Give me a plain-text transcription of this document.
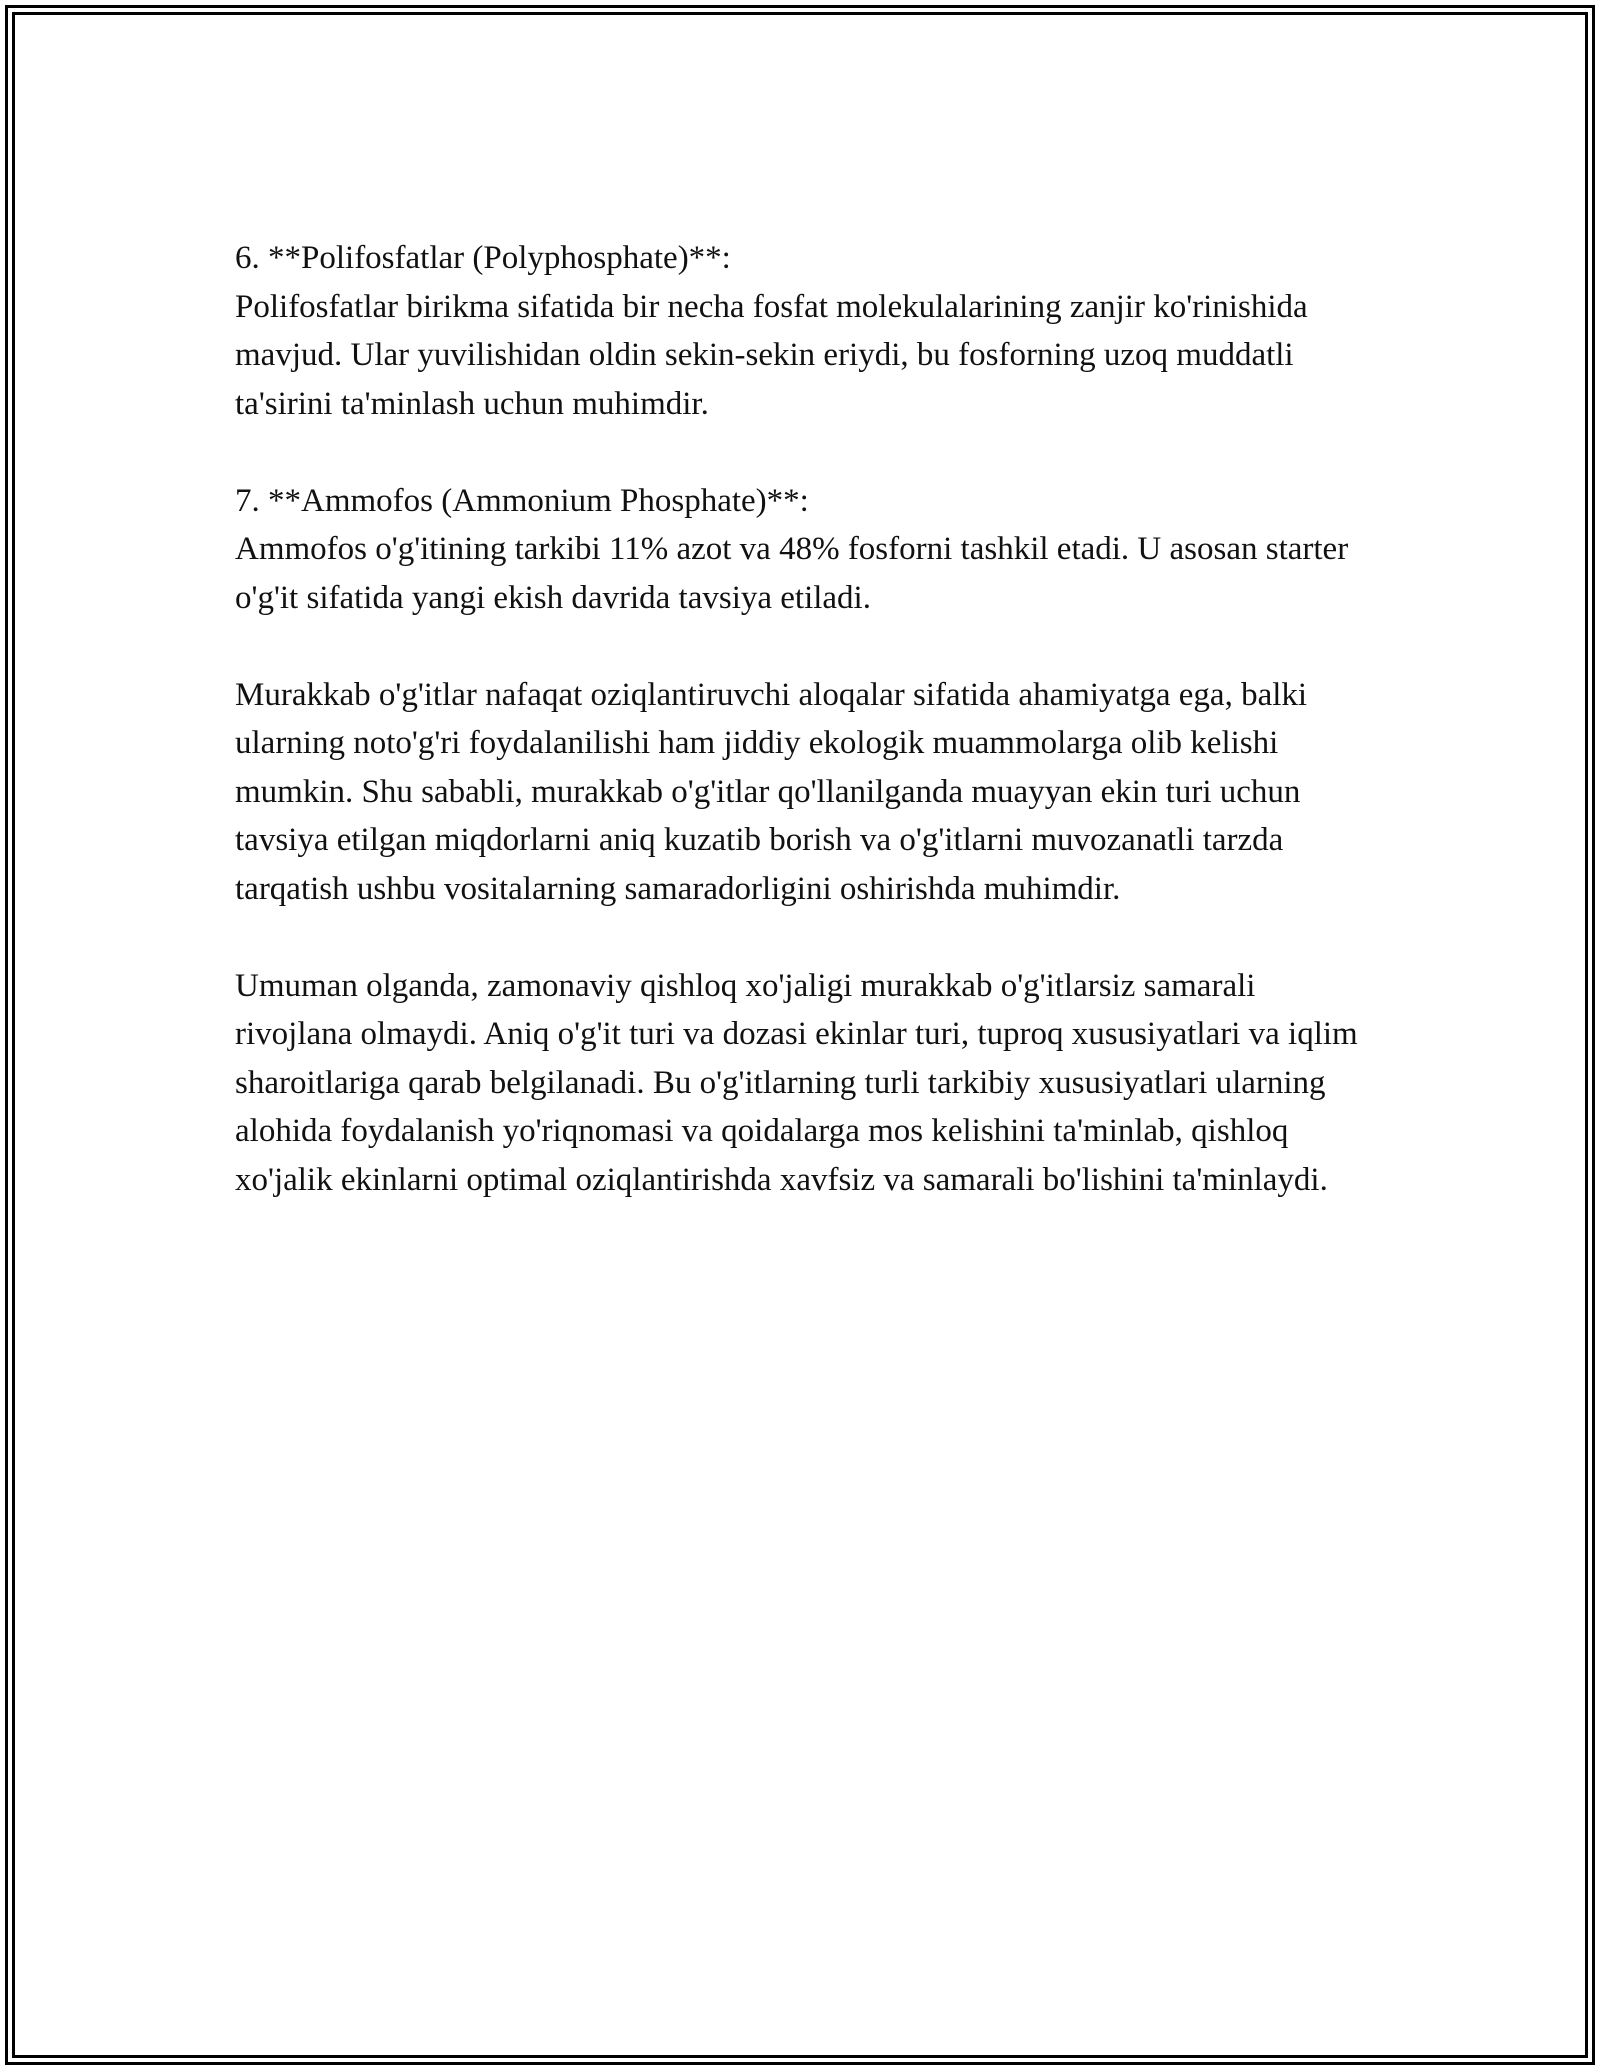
6. **Polifosfatlar (Polyphosphate)**:

Polifosfatlar birikma sifatida bir necha fosfat molekulalarining zanjir ko'rinishida mavjud. Ular yuvilishidan oldin sekin-sekin eriydi, bu fosforning uzoq muddatli ta'sirini ta'minlash uchun muhimdir.

7. **Ammofos (Ammonium Phosphate)**:

Ammofos o'g'itining tarkibi 11% azot va 48% fosforni tashkil etadi. U asosan starter o'g'it sifatida yangi ekish davrida tavsiya etiladi.

Murakkab o'g'itlar nafaqat oziqlantiruvchi aloqalar sifatida ahamiyatga ega, balki ularning noto'g'ri foydalanilishi ham jiddiy ekologik muammolarga olib kelishi mumkin. Shu sababli, murakkab o'g'itlar qo'llanilganda muayyan ekin turi uchun tavsiya etilgan miqdorlarni aniq kuzatib borish va o'g'itlarni muvozanatli tarzda tarqatish ushbu vositalarning samaradorligini oshirishda muhimdir.

Umuman olganda, zamonaviy qishloq xo'jaligi murakkab o'g'itlarsiz samarali rivojlana olmaydi. Aniq o'g'it turi va dozasi ekinlar turi, tuproq xususiyatlari va iqlim sharoitlariga qarab belgilanadi. Bu o'g'itlarning turli tarkibiy xususiyatlari ularning alohida foydalanish yo'riqnomasi va qoidalarga mos kelishini ta'minlab, qishloq xo'jalik ekinlarni optimal oziqlantirishda xavfsiz va samarali bo'lishini ta'minlaydi.
